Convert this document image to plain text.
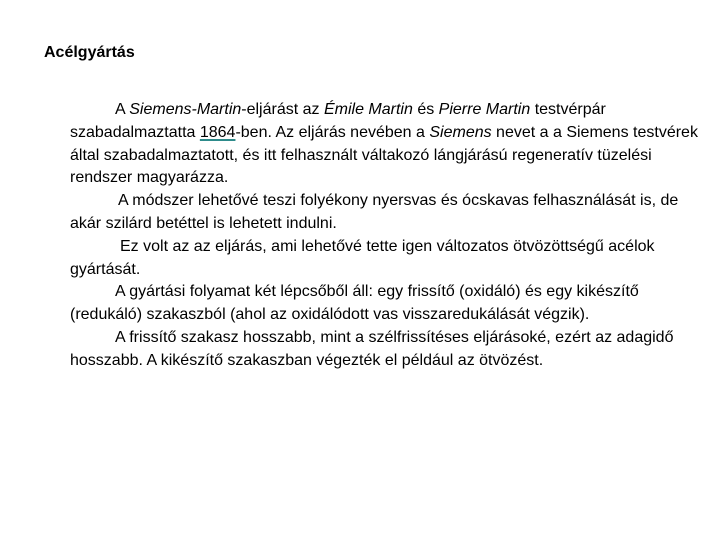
Acélgyártás

A Siemens-Martin-eljárást az Émile Martin és Pierre Martin testvérpár szabadalmaztatta 1864-ben. Az eljárás nevében a Siemens nevet a a Siemens testvérek által szabadalmaztatott, és itt felhasznált váltakozó lángjárású regeneratív tüzelési rendszer magyarázza.

A módszer lehetővé teszi folyékony nyersvas és ócskavas felhasználását is, de akár szilárd betéttel is lehetett indulni.

Ez volt az az eljárás, ami lehetővé tette igen változatos ötvözöttségű acélok gyártását.

A gyártási folyamat két lépcsőből áll: egy frissítő (oxidáló) és egy kikészítő (redukáló) szakaszból (ahol az oxidálódott vas visszaredukálását végzik).

A frissítő szakasz hosszabb, mint a szélfrissítéses eljárásoké, ezért az adagidő hosszabb. A kikészítő szakaszban végezték el például az ötvözést.
